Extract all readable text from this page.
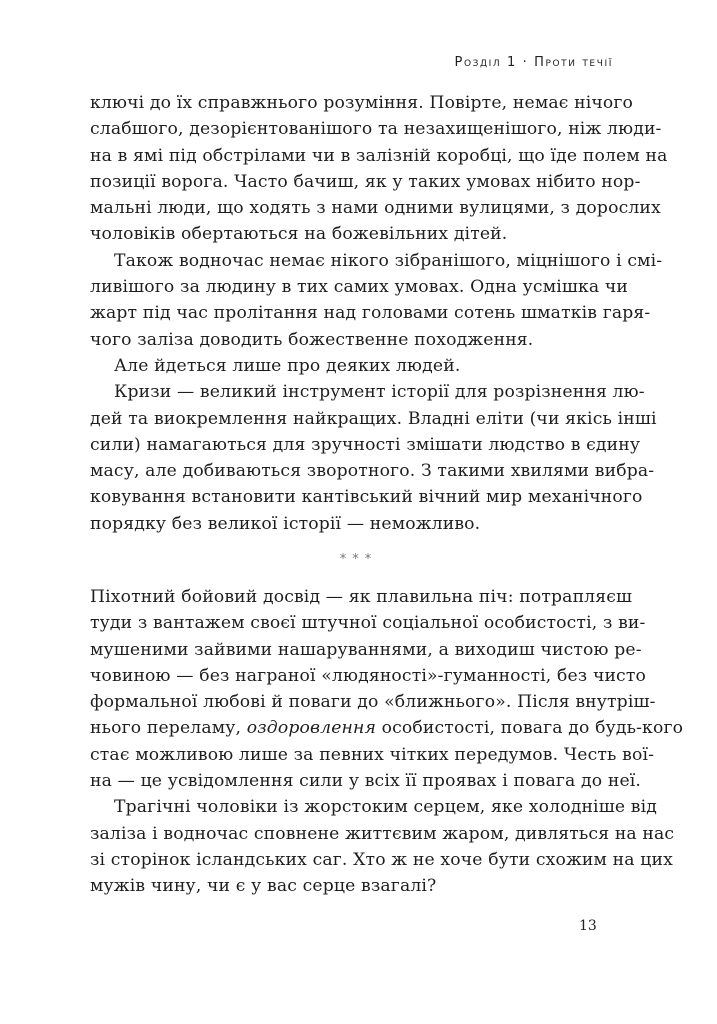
Розділ 1 · Проти течії
ключі до їх справжнього розуміння. Повірте, немає нічого
слабшого, дезорієнтованішого та незахищенішого, ніж люди-
на в ямі під обстрілами чи в залізній коробці, що їде полем на
позиції ворога. Часто бачиш, як у таких умовах нібито нор-
мальні люди, що ходять з нами одними вулицями, з дорослих
чоловіків обертаються на божевільних дітей.
Також водночас немає нікого зібранішого, міцнішого і смі-
ливішого за людину в тих самих умовах. Одна усмішка чи
жарт під час пролітання над головами сотень шматків гаря-
чого заліза доводить божественне походження.
Але йдеться лише про деяких людей.
Кризи — великий інструмент історії для розрізнення лю-
дей та виокремлення найкращих. Владні еліти (чи якісь інші
сили) намагаються для зручності змішати людство в єдину
масу, але добиваються зворотного. З такими хвилями вибра-
ковування встановити кантівський вічний мир механічного
порядку без великої історії — неможливо.
***
Піхотний бойовий досвід — як плавильна піч: потрапляєш
туди з вантажем своєї штучної соціальної особистості, з ви-
мушеними зайвими нашаруваннями, а виходиш чистою ре-
човиною — без награної «людяності»-гуманності, без чисто
формальної любові й поваги до «ближнього». Після внутріш-
нього переламу, оздоровлення особистості, повага до будь-кого
стає можливою лише за певних чітких передумов. Честь вої-
на — це усвідомлення сили у всіх її проявах і повага до неї.
Трагічні чоловіки із жорстоким серцем, яке холодніше від
заліза і водночас сповнене життєвим жаром, дивляться на нас
зі сторінок ісландських саг. Хто ж не хоче бути схожим на цих
мужів чину, чи є у вас серце взагалі?
13
